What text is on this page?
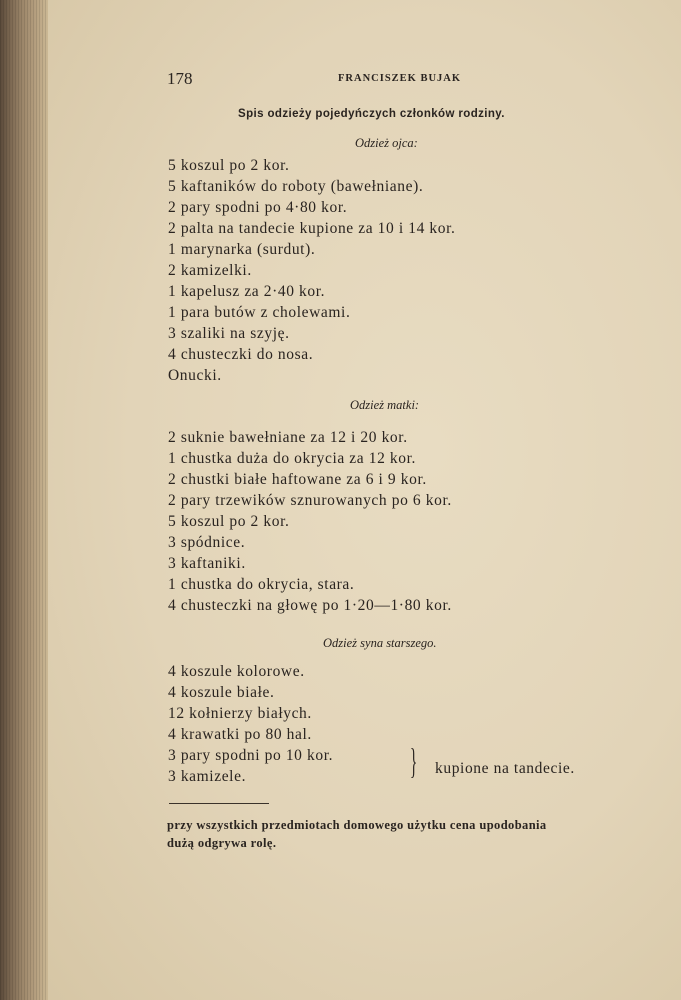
178	FRANCISZEK BUJAK
Spis odzieży pojedyńczych członków rodziny.
Odzież ojca:
5 koszul po 2 kor.
5 kaftaników do roboty (bawełniane).
2 pary spodni po 4·80 kor.
2 palta na tandecie kupione za 10 i 14 kor.
1 marynarka (surdut).
2 kamizelki.
1 kapelusz za 2·40 kor.
1 para butów z cholewami.
3 szaliki na szyję.
4 chusteczki do nosa.
Onucki.
Odzież matki:
2 suknie bawełniane za 12 i 20 kor.
1 chustka duża do okrycia za 12 kor.
2 chustki białe haftowane za 6 i 9 kor.
2 pary trzewików sznurowanych po 6 kor.
5 koszul po 2 kor.
3 spódnice.
3 kaftaniki.
1 chustka do okrycia, stara.
4 chusteczki na głowę po 1·20—1·80 kor.
Odzież syna starszego.
4 koszule kolorowe.
4 koszule białe.
12 kołnierzy białych.
4 krawatki po 80 hal.
3 pary spodni po 10 kor.
3 kamizele.	} kupione na tandecie.
przy wszystkich przedmiotach domowego użytku cena upodobania
dużą odgrywa rolę.
